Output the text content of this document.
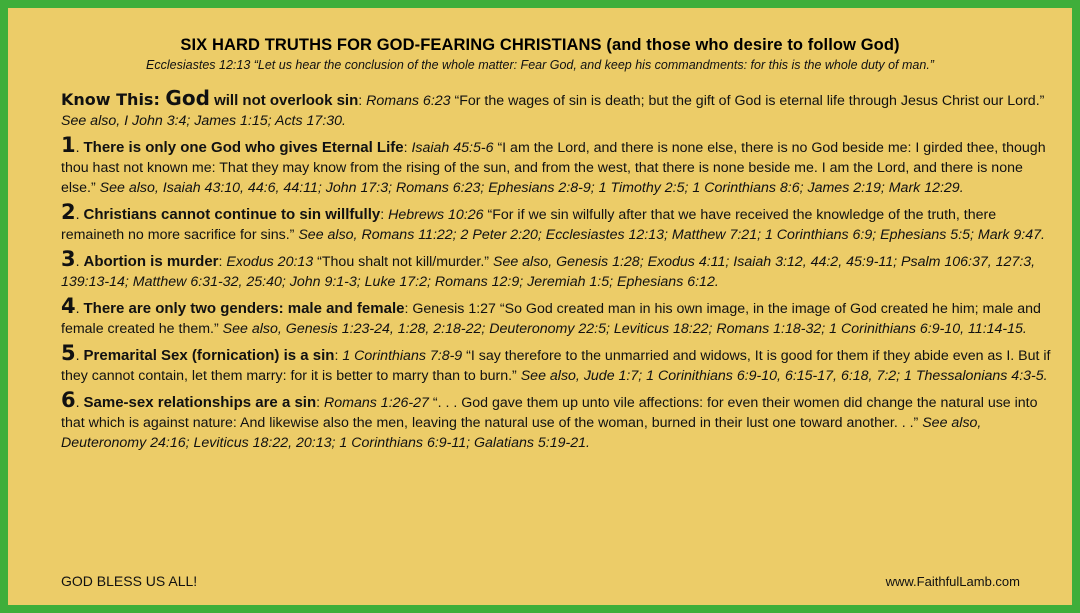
SIX HARD TRUTHS FOR GOD-FEARING CHRISTIANS (and those who desire to follow God)
Ecclesiastes 12:13 “Let us hear the conclusion of the whole matter: Fear God, and keep his commandments: for this is the whole duty of man.”

Know This: God will not overlook sin: Romans 6:23 “For the wages of sin is death; but the gift of God is eternal life through Jesus Christ our Lord.” See also, I John 3:4; James 1:15; Acts 17:30.

1. There is only one God who gives Eternal Life: Isaiah 45:5-6 “I am the Lord, and there is none else, there is no God beside me: I girded thee, though thou hast not known me: That they may know from the rising of the sun, and from the west, that there is none beside me. I am the Lord, and there is none else.” See also, Isaiah 43:10, 44:6, 44:11; John 17:3; Romans 6:23; Ephesians 2:8-9; 1 Timothy 2:5; 1 Corinthians 8:6; James 2:19; Mark 12:29.

2. Christians cannot continue to sin willfully: Hebrews 10:26 “For if we sin wilfully after that we have received the knowledge of the truth, there remaineth no more sacrifice for sins.” See also, Romans 11:22; 2 Peter 2:20; Ecclesiastes 12:13; Matthew 7:21; 1 Corinthians 6:9; Ephesians 5:5; Mark 9:47.

3. Abortion is murder: Exodus 20:13 “Thou shalt not kill/murder.” See also, Genesis 1:28; Exodus 4:11; Isaiah 3:12, 44:2, 45:9-11; Psalm 106:37, 127:3, 139:13-14; Matthew 6:31-32, 25:40; John 9:1-3; Luke 17:2; Romans 12:9; Jeremiah 1:5; Ephesians 6:12.

4. There are only two genders: male and female: Genesis 1:27 “So God created man in his own image, in the image of God created he him; male and female created he them.” See also, Genesis 1:23-24, 1:28, 2:18-22; Deuteronomy 22:5; Leviticus 18:22; Romans 1:18-32; 1 Corinithians 6:9-10, 11:14-15.

5. Premarital Sex (fornication) is a sin: 1 Corinthians 7:8-9 “I say therefore to the unmarried and widows, It is good for them if they abide even as I. But if they cannot contain, let them marry: for it is better to marry than to burn.” See also, Jude 1:7; 1 Corinithians 6:9-10, 6:15-17, 6:18, 7:2; 1 Thessalonians 4:3-5.

6. Same-sex relationships are a sin: Romans 1:26-27 “. . . God gave them up unto vile affections: for even their women did change the natural use into that which is against nature: And likewise also the men, leaving the natural use of the woman, burned in their lust one toward another. . .” See also, Deuteronomy 24:16; Leviticus 18:22, 20:13; 1 Corinthians 6:9-11; Galatians 5:19-21.

GOD BLESS US ALL!	www.FaithfulLamb.com
